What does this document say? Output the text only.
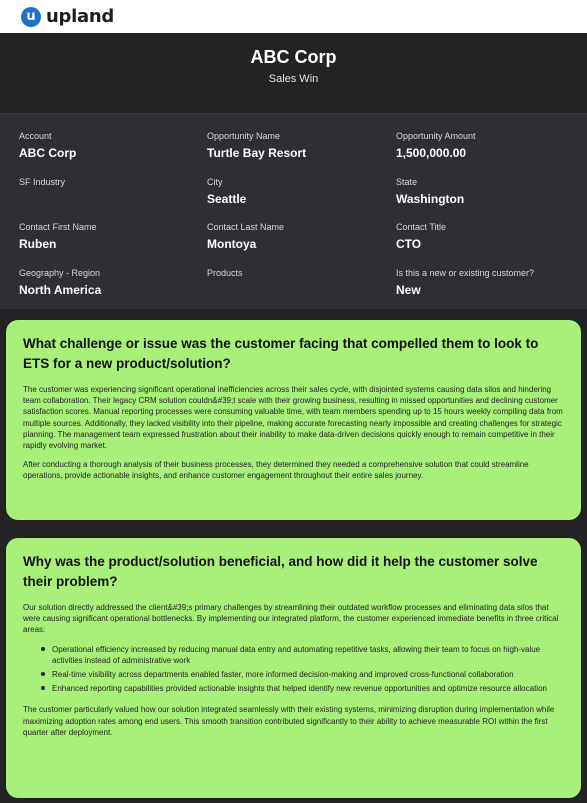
u upland
ABC Corp
Sales Win
Account
ABC Corp
Opportunity Name
Turtle Bay Resort
Opportunity Amount
1,500,000.00
SF Industry	City
Seattle
State
Washington
Contact First Name
Ruben
Contact Last Name
Montoya
Contact Title
CTO
Geography - Region
North America
Products	Is this a new or existing customer?
New
What challenge or issue was the customer facing that compelled them to look to ETS for a new product/solution?

The customer was experiencing significant operational inefficiencies across their sales cycle, with disjointed systems causing data silos and hindering team collaboration. Their legacy CRM solution couldn&#39;t scale with their growing business, resulting in missed opportunities and declining customer satisfaction scores. Manual reporting processes were consuming valuable time, with team members spending up to 15 hours weekly compiling data from multiple sources. Additionally, they lacked visibility into their pipeline, making accurate forecasting nearly impossible and creating challenges for strategic planning. The management team expressed frustration about their inability to make data-driven decisions quickly enough to remain competitive in their rapidly evolving market.

After conducting a thorough analysis of their business processes, they determined they needed a comprehensive solution that could streamline operations, provide actionable insights, and enhance customer engagement throughout their entire sales journey.

Why was the product/solution beneficial, and how did it help the customer solve their problem?

Our solution directly addressed the client&#39;s primary challenges by streamlining their outdated workflow processes and eliminating data silos that were causing significant operational bottlenecks. By implementing our integrated platform, the customer experienced immediate benefits in three critical areas:

Operational efficiency increased by reducing manual data entry and automating repetitive tasks, allowing their team to focus on high-value activities instead of administrative work
Real-time visibility across departments enabled faster, more informed decision-making and improved cross-functional collaboration
Enhanced reporting capabilities provided actionable insights that helped identify new revenue opportunities and optimize resource allocation

The customer particularly valued how our solution integrated seamlessly with their existing systems, minimizing disruption during implementation while maximizing adoption rates among end users. This smooth transition contributed significantly to their ability to achieve measurable ROI within the first quarter after deployment.
